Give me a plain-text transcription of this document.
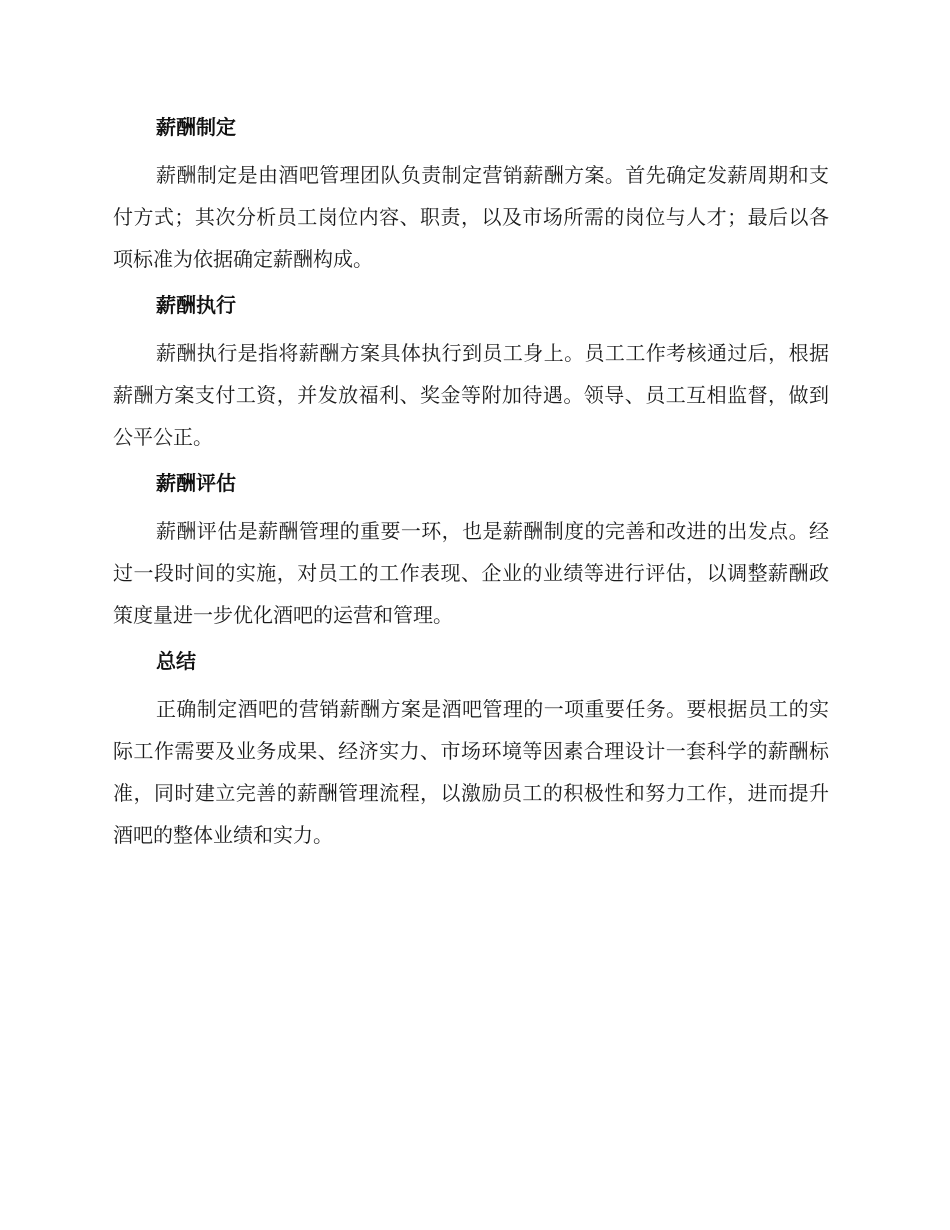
薪酬制定

薪酬制定是由酒吧管理团队负责制定营销薪酬方案。首先确定发薪周期和支付方式；其次分析员工岗位内容、职责，以及市场所需的岗位与人才；最后以各项标准为依据确定薪酬构成。

薪酬执行

薪酬执行是指将薪酬方案具体执行到员工身上。员工工作考核通过后，根据薪酬方案支付工资，并发放福利、奖金等附加待遇。领导、员工互相监督，做到公平公正。

薪酬评估

薪酬评估是薪酬管理的重要一环，也是薪酬制度的完善和改进的出发点。经过一段时间的实施，对员工的工作表现、企业的业绩等进行评估，以调整薪酬政策度量进一步优化酒吧的运营和管理。

总结

正确制定酒吧的营销薪酬方案是酒吧管理的一项重要任务。要根据员工的实际工作需要及业务成果、经济实力、市场环境等因素合理设计一套科学的薪酬标准，同时建立完善的薪酬管理流程，以激励员工的积极性和努力工作，进而提升酒吧的整体业绩和实力。
